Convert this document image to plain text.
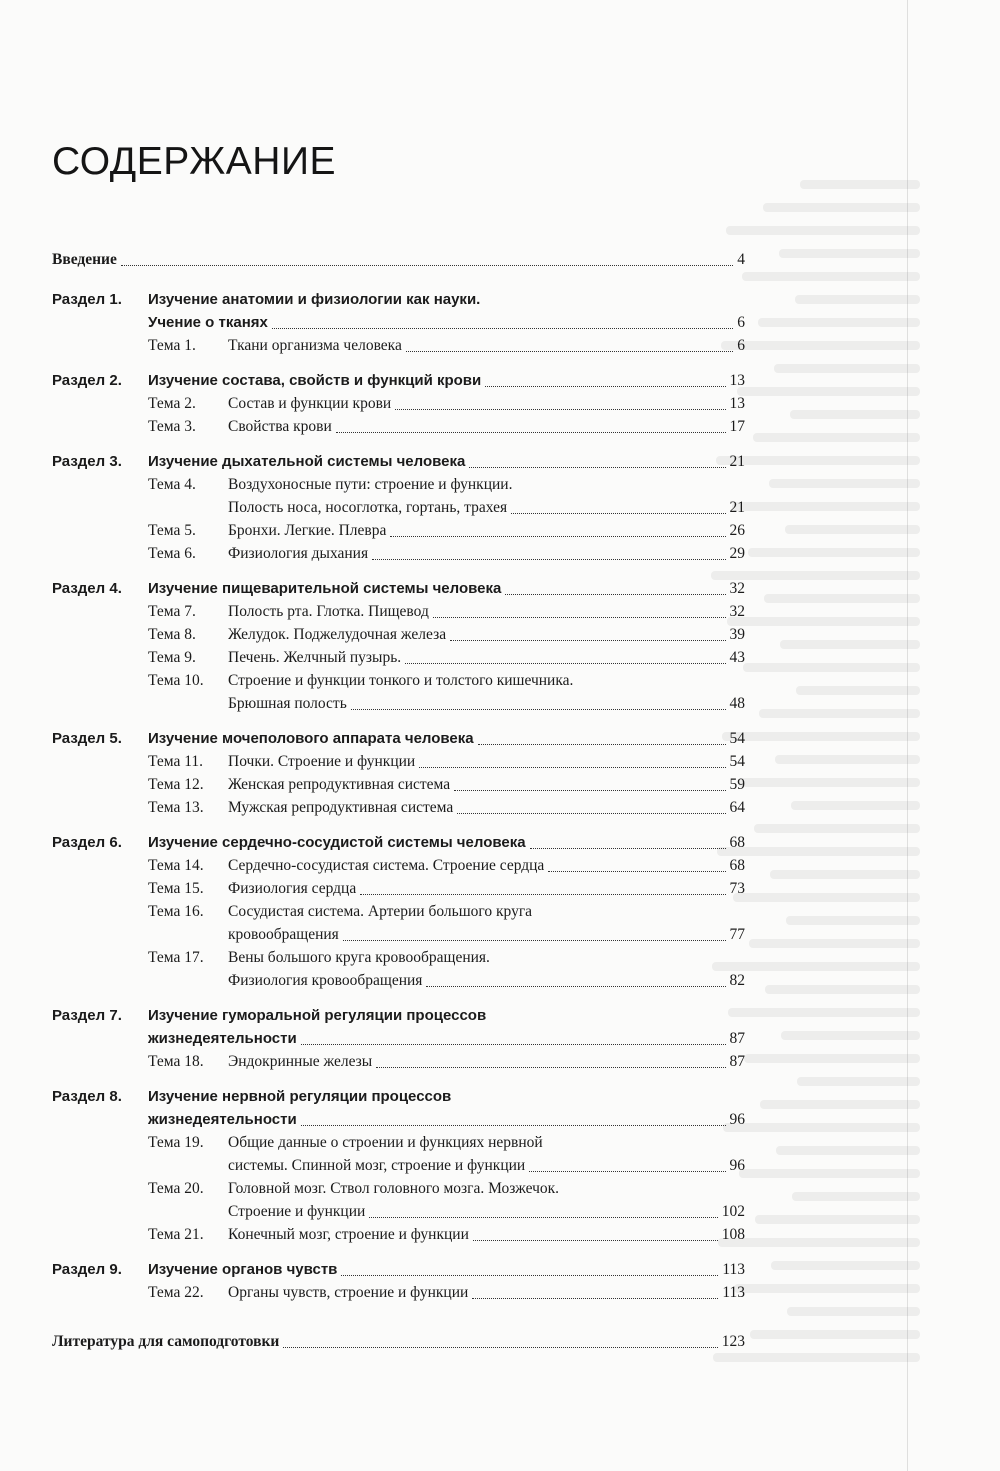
СОДЕРЖАНИЕ
Введение	4
Раздел 1. Изучение анатомии и физиологии как науки.
Учение о тканях	6
Тема 1. Ткани организма человека	6
Раздел 2. Изучение состава, свойств и функций крови	13
Тема 2. Состав и функции крови	13
Тема 3. Свойства крови	17
Раздел 3. Изучение дыхательной системы человека	21
Тема 4. Воздухоносные пути: строение и функции.
Полость носа, носоглотка, гортань, трахея	21
Тема 5. Бронхи. Легкие. Плевра	26
Тема 6. Физиология дыхания	29
Раздел 4. Изучение пищеварительной системы человека	32
Тема 7. Полость рта. Глотка. Пищевод	32
Тема 8. Желудок. Поджелудочная железа	39
Тема 9. Печень. Желчный пузырь.	43
Тема 10. Строение и функции тонкого и толстого кишечника.
Брюшная полость	48
Раздел 5. Изучение мочеполового аппарата человека	54
Тема 11. Почки. Строение и функции	54
Тема 12. Женская репродуктивная система	59
Тема 13. Мужская репродуктивная система	64
Раздел 6. Изучение сердечно-сосудистой системы человека	68
Тема 14. Сердечно-сосудистая система. Строение сердца	68
Тема 15. Физиология сердца	73
Тема 16. Сосудистая система. Артерии большого круга
кровообращения	77
Тема 17. Вены большого круга кровообращения.
Физиология кровообращения	82
Раздел 7. Изучение гуморальной регуляции процессов
жизнедеятельности	87
Тема 18. Эндокринные железы	87
Раздел 8. Изучение нервной регуляции процессов
жизнедеятельности	96
Тема 19. Общие данные о строении и функциях нервной
системы. Спинной мозг, строение и функции	96
Тема 20. Головной мозг. Ствол головного мозга. Мозжечок.
Строение и функции	102
Тема 21. Конечный мозг, строение и функции	108
Раздел 9. Изучение органов чувств	113
Тема 22. Органы чувств, строение и функции	113
Литература для самоподготовки	123
